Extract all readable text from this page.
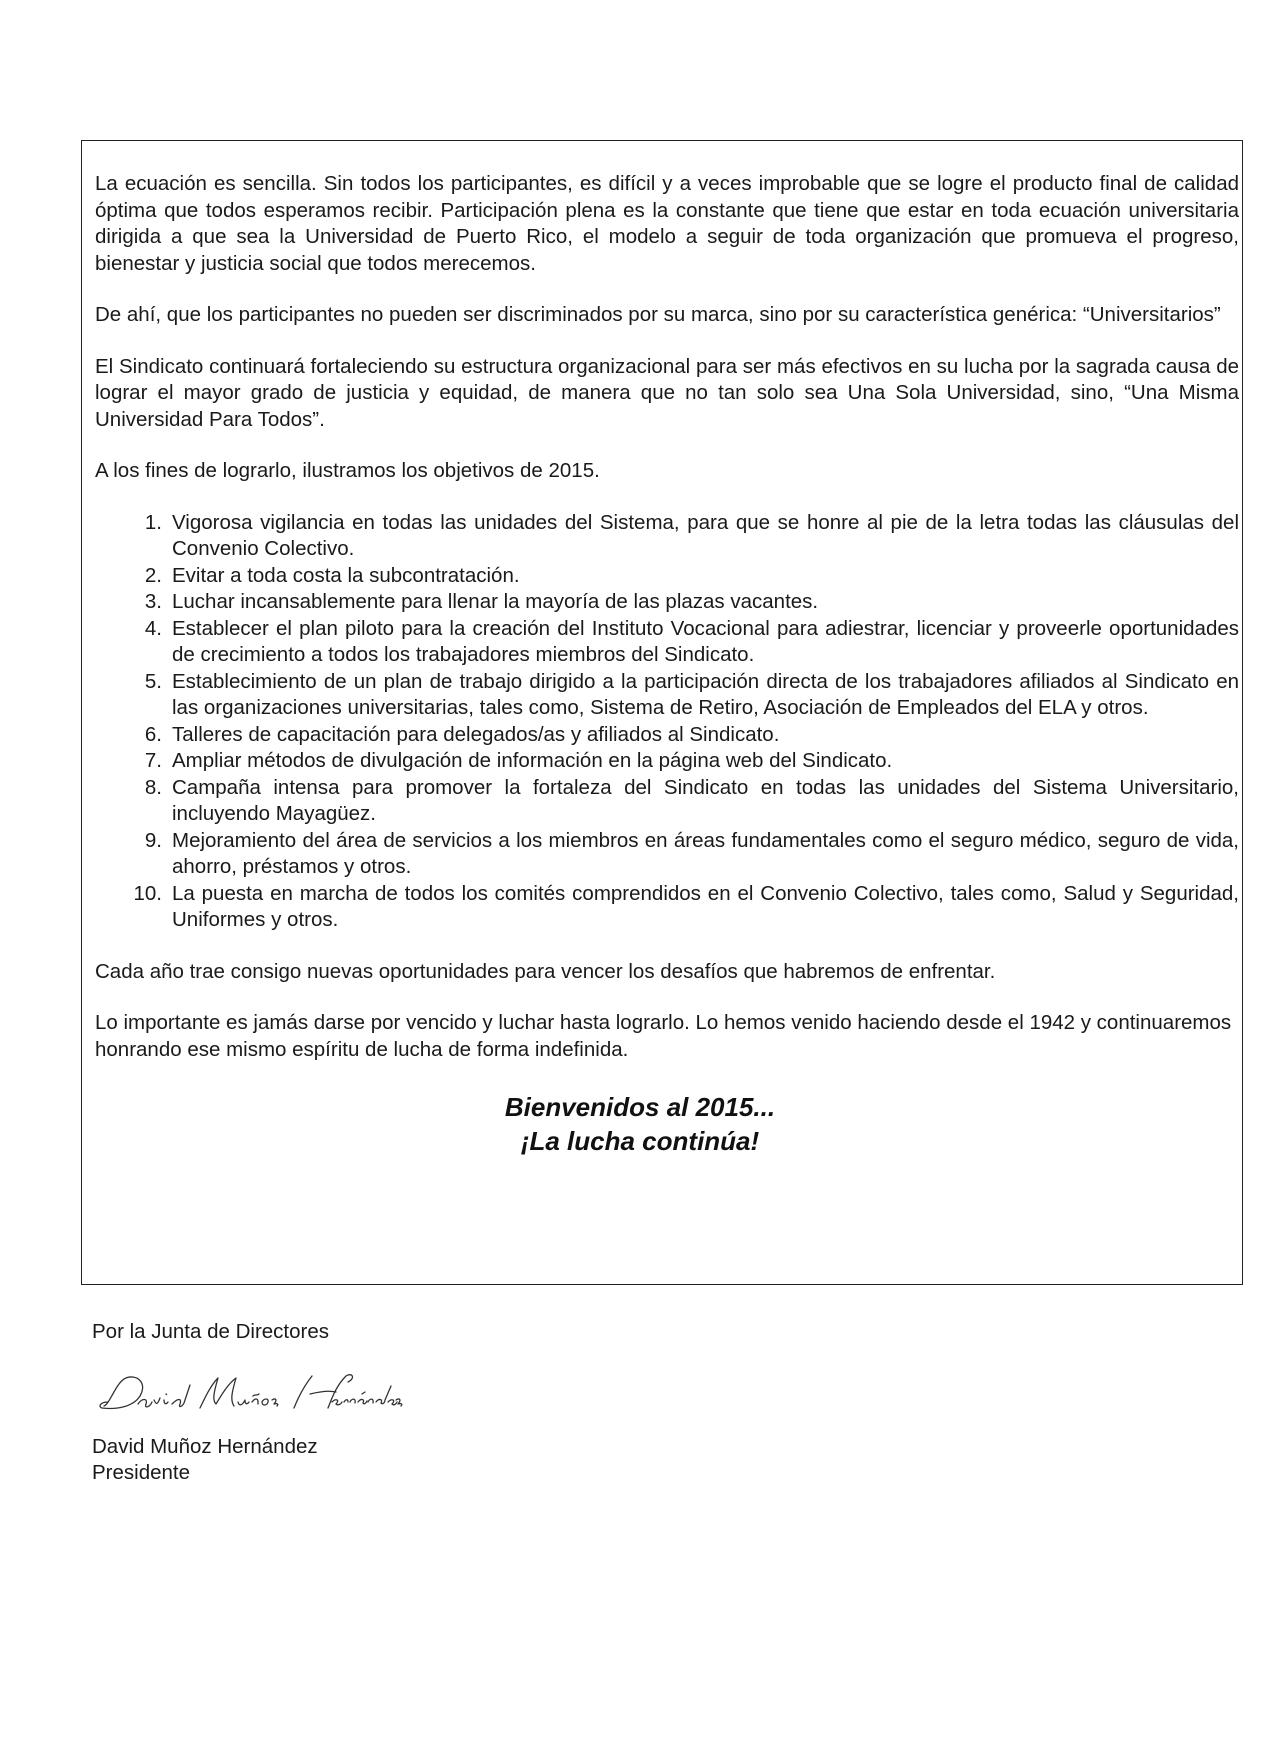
La ecuación es sencilla. Sin todos los participantes, es difícil y a veces improbable que se logre el producto final de calidad óptima que todos esperamos recibir. Participación plena es la constante que tiene que estar en toda ecuación universitaria dirigida a que sea la Universidad de Puerto Rico, el modelo a seguir de toda organización que promueva el progreso, bienestar y justicia social que todos merecemos.

De ahí, que los participantes no pueden ser discriminados por su marca, sino por su característica genérica: “Universitarios”

El Sindicato continuará fortaleciendo su estructura organizacional para ser más efectivos en su lucha por la sagrada causa de lograr el mayor grado de justicia y equidad, de manera que no tan solo sea Una Sola Universidad, sino, “Una Misma Universidad Para Todos”.

A los fines de lograrlo, ilustramos los objetivos de 2015.

1. Vigorosa vigilancia en todas las unidades del Sistema, para que se honre al pie de la letra todas las cláusulas del Convenio Colectivo.
2. Evitar a toda costa la subcontratación.
3. Luchar incansablemente para llenar la mayoría de las plazas vacantes.
4. Establecer el plan piloto para la creación del Instituto Vocacional para adiestrar, licenciar y proveerle oportunidades de crecimiento a todos los trabajadores miembros del Sindicato.
5. Establecimiento de un plan de trabajo dirigido a la participación directa de los trabajadores afiliados al Sindicato en las organizaciones universitarias, tales como, Sistema de Retiro, Asociación de Empleados del ELA y otros.
6. Talleres de capacitación para delegados/as y afiliados al Sindicato.
7. Ampliar métodos de divulgación de información en la página web del Sindicato.
8. Campaña intensa para promover la fortaleza del Sindicato en todas las unidades del Sistema Universitario, incluyendo Mayagüez.
9. Mejoramiento del área de servicios a los miembros en áreas fundamentales como el seguro médico, seguro de vida, ahorro, préstamos y otros.
10. La puesta en marcha de todos los comités comprendidos en el Convenio Colectivo, tales como, Salud y Seguridad, Uniformes y otros.

Cada año trae consigo nuevas oportunidades para vencer los desafíos que habremos de enfrentar.

Lo importante es jamás darse por vencido y luchar hasta lograrlo. Lo hemos venido haciendo desde el 1942 y continuaremos honrando ese mismo espíritu de lucha de forma indefinida.

Bienvenidos al 2015...
¡La lucha continúa!
Por la Junta de Directores
David Muñoz Hernández
Presidente
